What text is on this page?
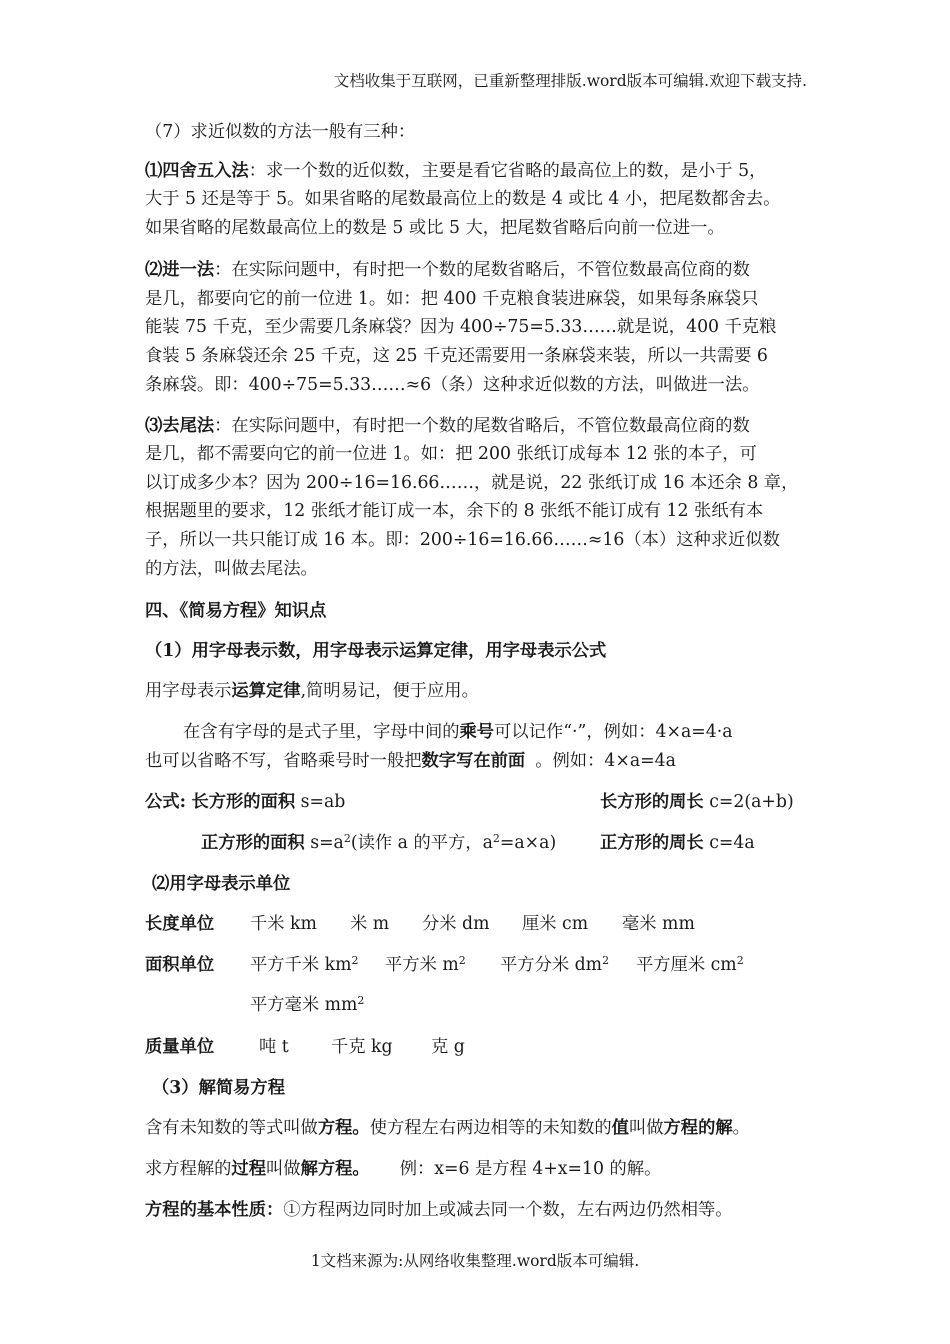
文档收集于互联网，已重新整理排版.word版本可编辑.欢迎下载支持.
（7）求近似数的方法一般有三种：
⑴四舍五入法：求一个数的近似数，主要是看它省略的最高位上的数，是小于 5，
大于 5 还是等于 5。如果省略的尾数最高位上的数是 4 或比 4 小，把尾数都舍去。
如果省略的尾数最高位上的数是 5 或比 5 大，把尾数省略后向前一位进一。
⑵进一法：在实际问题中，有时把一个数的尾数省略后，不管位数最高位商的数
是几，都要向它的前一位进 1。如：把 400 千克粮食装进麻袋，如果每条麻袋只
能装 75 千克，至少需要几条麻袋？因为 400÷75=5.33……就是说，400 千克粮
食装 5 条麻袋还余 25 千克，这 25 千克还需要用一条麻袋来装，所以一共需要 6
条麻袋。即：400÷75=5.33……≈6（条）这种求近似数的方法，叫做进一法。
⑶去尾法：在实际问题中，有时把一个数的尾数省略后，不管位数最高位商的数
是几，都不需要向它的前一位进 1。如：把 200 张纸订成每本 12 张的本子，可
以订成多少本？因为 200÷16=16.66……，就是说，22 张纸订成 16 本还余 8 章，
根据题里的要求，12 张纸才能订成一本，余下的 8 张纸不能订成有 12 张纸有本
子，所以一共只能订成 16 本。即：200÷16=16.66……≈16（本）这种求近似数
的方法，叫做去尾法。
四、《简易方程》知识点
（1）用字母表示数，用字母表示运算定律，用字母表示公式
用字母表示运算定律,简明易记，便于应用。
在含有字母的是式子里，字母中间的乘号可以记作“·”，例如：4×a=4·a
也可以省略不写，省略乘号时一般把数字写在前面 。例如：4×a=4a
公式: 长方形的面积 s=ab	长方形的周长 c=2(a+b)
正方形的面积 $s=a^2$(读作 a 的平方，$a^2=a\times a$)	正方形的周长 c=4a
⑵用字母表示单位
长度单位 千米 km 米 m 分米 dm 厘米 cm 毫米 mm
面积单位 平方千米 $km^2$ 平方米 $m^2$ 平方分米 $dm^2$ 平方厘米 $cm^2$
平方毫米 $mm^2$
质量单位	吨 t 千克 kg 克 g
（3）解简易方程
含有未知数的等式叫做方程。使方程左右两边相等的未知数的值叫做方程的解。
求方程解的过程叫做解方程。 例：x=6 是方程 4+x=10 的解。
方程的基本性质：①方程两边同时加上或减去同一个数，左右两边仍然相等。
1文档来源为:从网络收集整理.word版本可编辑.
